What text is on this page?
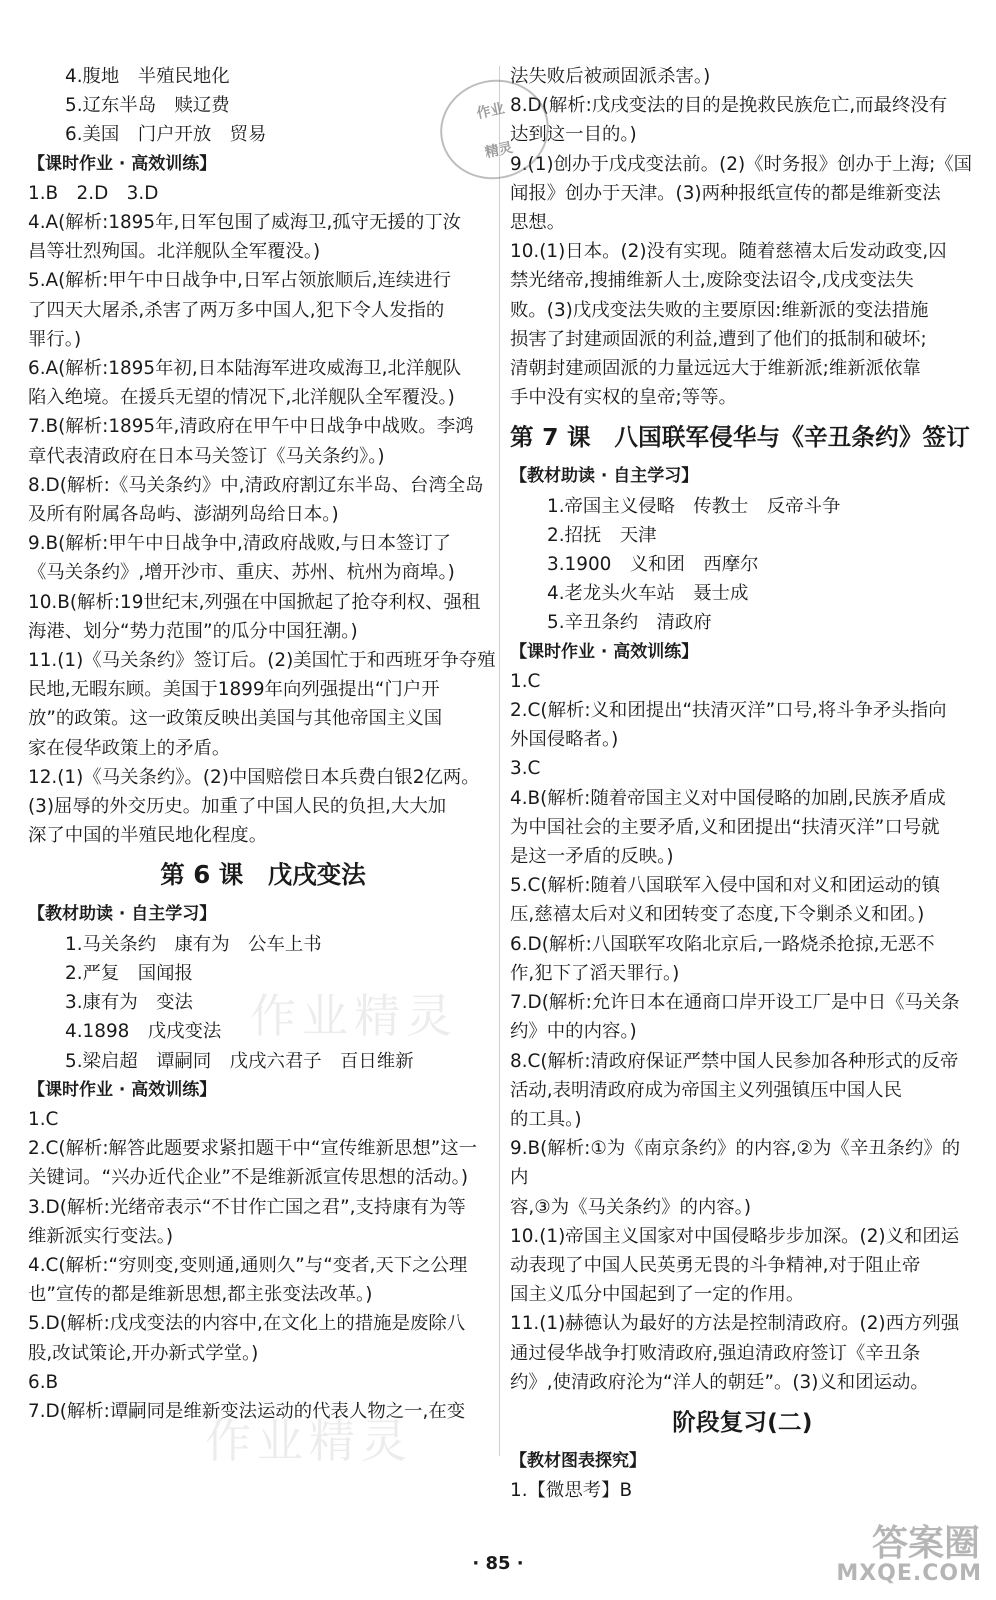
4.腹地　半殖民地化
5.辽东半岛　赎辽费
6.美国　门户开放　贸易
【课时作业 · 高效训练】
1.B　2.D　3.D
4.A(解析:1895年,日军包围了威海卫,孤守无援的丁汝
昌等壮烈殉国。北洋舰队全军覆没。)
5.A(解析:甲午中日战争中,日军占领旅顺后,连续进行
了四天大屠杀,杀害了两万多中国人,犯下令人发指的
罪行。)
6.A(解析:1895年初,日本陆海军进攻威海卫,北洋舰队
陷入绝境。在援兵无望的情况下,北洋舰队全军覆没。)
7.B(解析:1895年,清政府在甲午中日战争中战败。李鸿
章代表清政府在日本马关签订《马关条约》。)
8.D(解析:《马关条约》中,清政府割辽东半岛、台湾全岛
及所有附属各岛屿、澎湖列岛给日本。)
9.B(解析:甲午中日战争中,清政府战败,与日本签订了
《马关条约》,增开沙市、重庆、苏州、杭州为商埠。)
10.B(解析:19世纪末,列强在中国掀起了抢夺利权、强租
海港、划分“势力范围”的瓜分中国狂潮。)
11.(1)《马关条约》签订后。(2)美国忙于和西班牙争夺殖
民地,无暇东顾。美国于1899年向列强提出“门户开
放”的政策。这一政策反映出美国与其他帝国主义国
家在侵华政策上的矛盾。
12.(1)《马关条约》。(2)中国赔偿日本兵费白银2亿两。
(3)屈辱的外交历史。加重了中国人民的负担,大大加
深了中国的半殖民地化程度。
第 6 课　戊戌变法
【教材助读 · 自主学习】
1.马关条约　康有为　公车上书
2.严复　国闻报
3.康有为　变法
4.1898　戊戌变法
5.梁启超　谭嗣同　戊戌六君子　百日维新
【课时作业 · 高效训练】
1.C
2.C(解析:解答此题要求紧扣题干中“宣传维新思想”这一
关键词。“兴办近代企业”不是维新派宣传思想的活动。)
3.D(解析:光绪帝表示“不甘作亡国之君”,支持康有为等
维新派实行变法。)
4.C(解析:“穷则变,变则通,通则久”与“变者,天下之公理
也”宣传的都是维新思想,都主张变法改革。)
5.D(解析:戊戌变法的内容中,在文化上的措施是废除八
股,改试策论,开办新式学堂。)
6.B
7.D(解析:谭嗣同是维新变法运动的代表人物之一,在变
法失败后被顽固派杀害。)
8.D(解析:戊戌变法的目的是挽救民族危亡,而最终没有
达到这一目的。)
9.(1)创办于戊戌变法前。(2)《时务报》创办于上海;《国
闻报》创办于天津。(3)两种报纸宣传的都是维新变法
思想。
10.(1)日本。(2)没有实现。随着慈禧太后发动政变,囚
禁光绪帝,搜捕维新人士,废除变法诏令,戊戌变法失
败。(3)戊戌变法失败的主要原因:维新派的变法措施
损害了封建顽固派的利益,遭到了他们的抵制和破坏;
清朝封建顽固派的力量远远大于维新派;维新派依靠
手中没有实权的皇帝;等等。
第 7 课　八国联军侵华与《辛丑条约》签订
【教材助读 · 自主学习】
1.帝国主义侵略　传教士　反帝斗争
2.招抚　天津
3.1900　义和团　西摩尔
4.老龙头火车站　聂士成
5.辛丑条约　清政府
【课时作业 · 高效训练】
1.C
2.C(解析:义和团提出“扶清灭洋”口号,将斗争矛头指向
外国侵略者。)
3.C
4.B(解析:随着帝国主义对中国侵略的加剧,民族矛盾成
为中国社会的主要矛盾,义和团提出“扶清灭洋”口号就
是这一矛盾的反映。)
5.C(解析:随着八国联军入侵中国和对义和团运动的镇
压,慈禧太后对义和团转变了态度,下令剿杀义和团。)
6.D(解析:八国联军攻陷北京后,一路烧杀抢掠,无恶不
作,犯下了滔天罪行。)
7.D(解析:允许日本在通商口岸开设工厂是中日《马关条
约》中的内容。)
8.C(解析:清政府保证严禁中国人民参加各种形式的反帝
活动,表明清政府成为帝国主义列强镇压中国人民
的工具。)
9.B(解析:①为《南京条约》的内容,②为《辛丑条约》的内
容,③为《马关条约》的内容。)
10.(1)帝国主义国家对中国侵略步步加深。(2)义和团运
动表现了中国人民英勇无畏的斗争精神,对于阻止帝
国主义瓜分中国起到了一定的作用。
11.(1)赫德认为最好的方法是控制清政府。(2)西方列强
通过侵华战争打败清政府,强迫清政府签订《辛丑条
约》,使清政府沦为“洋人的朝廷”。(3)义和团运动。
阶段复习(二)
【教材图表探究】
1.【微思考】B
作业
精灵
作业精灵
作业精灵
· 85 ·	答案圈
MXQE.COM
